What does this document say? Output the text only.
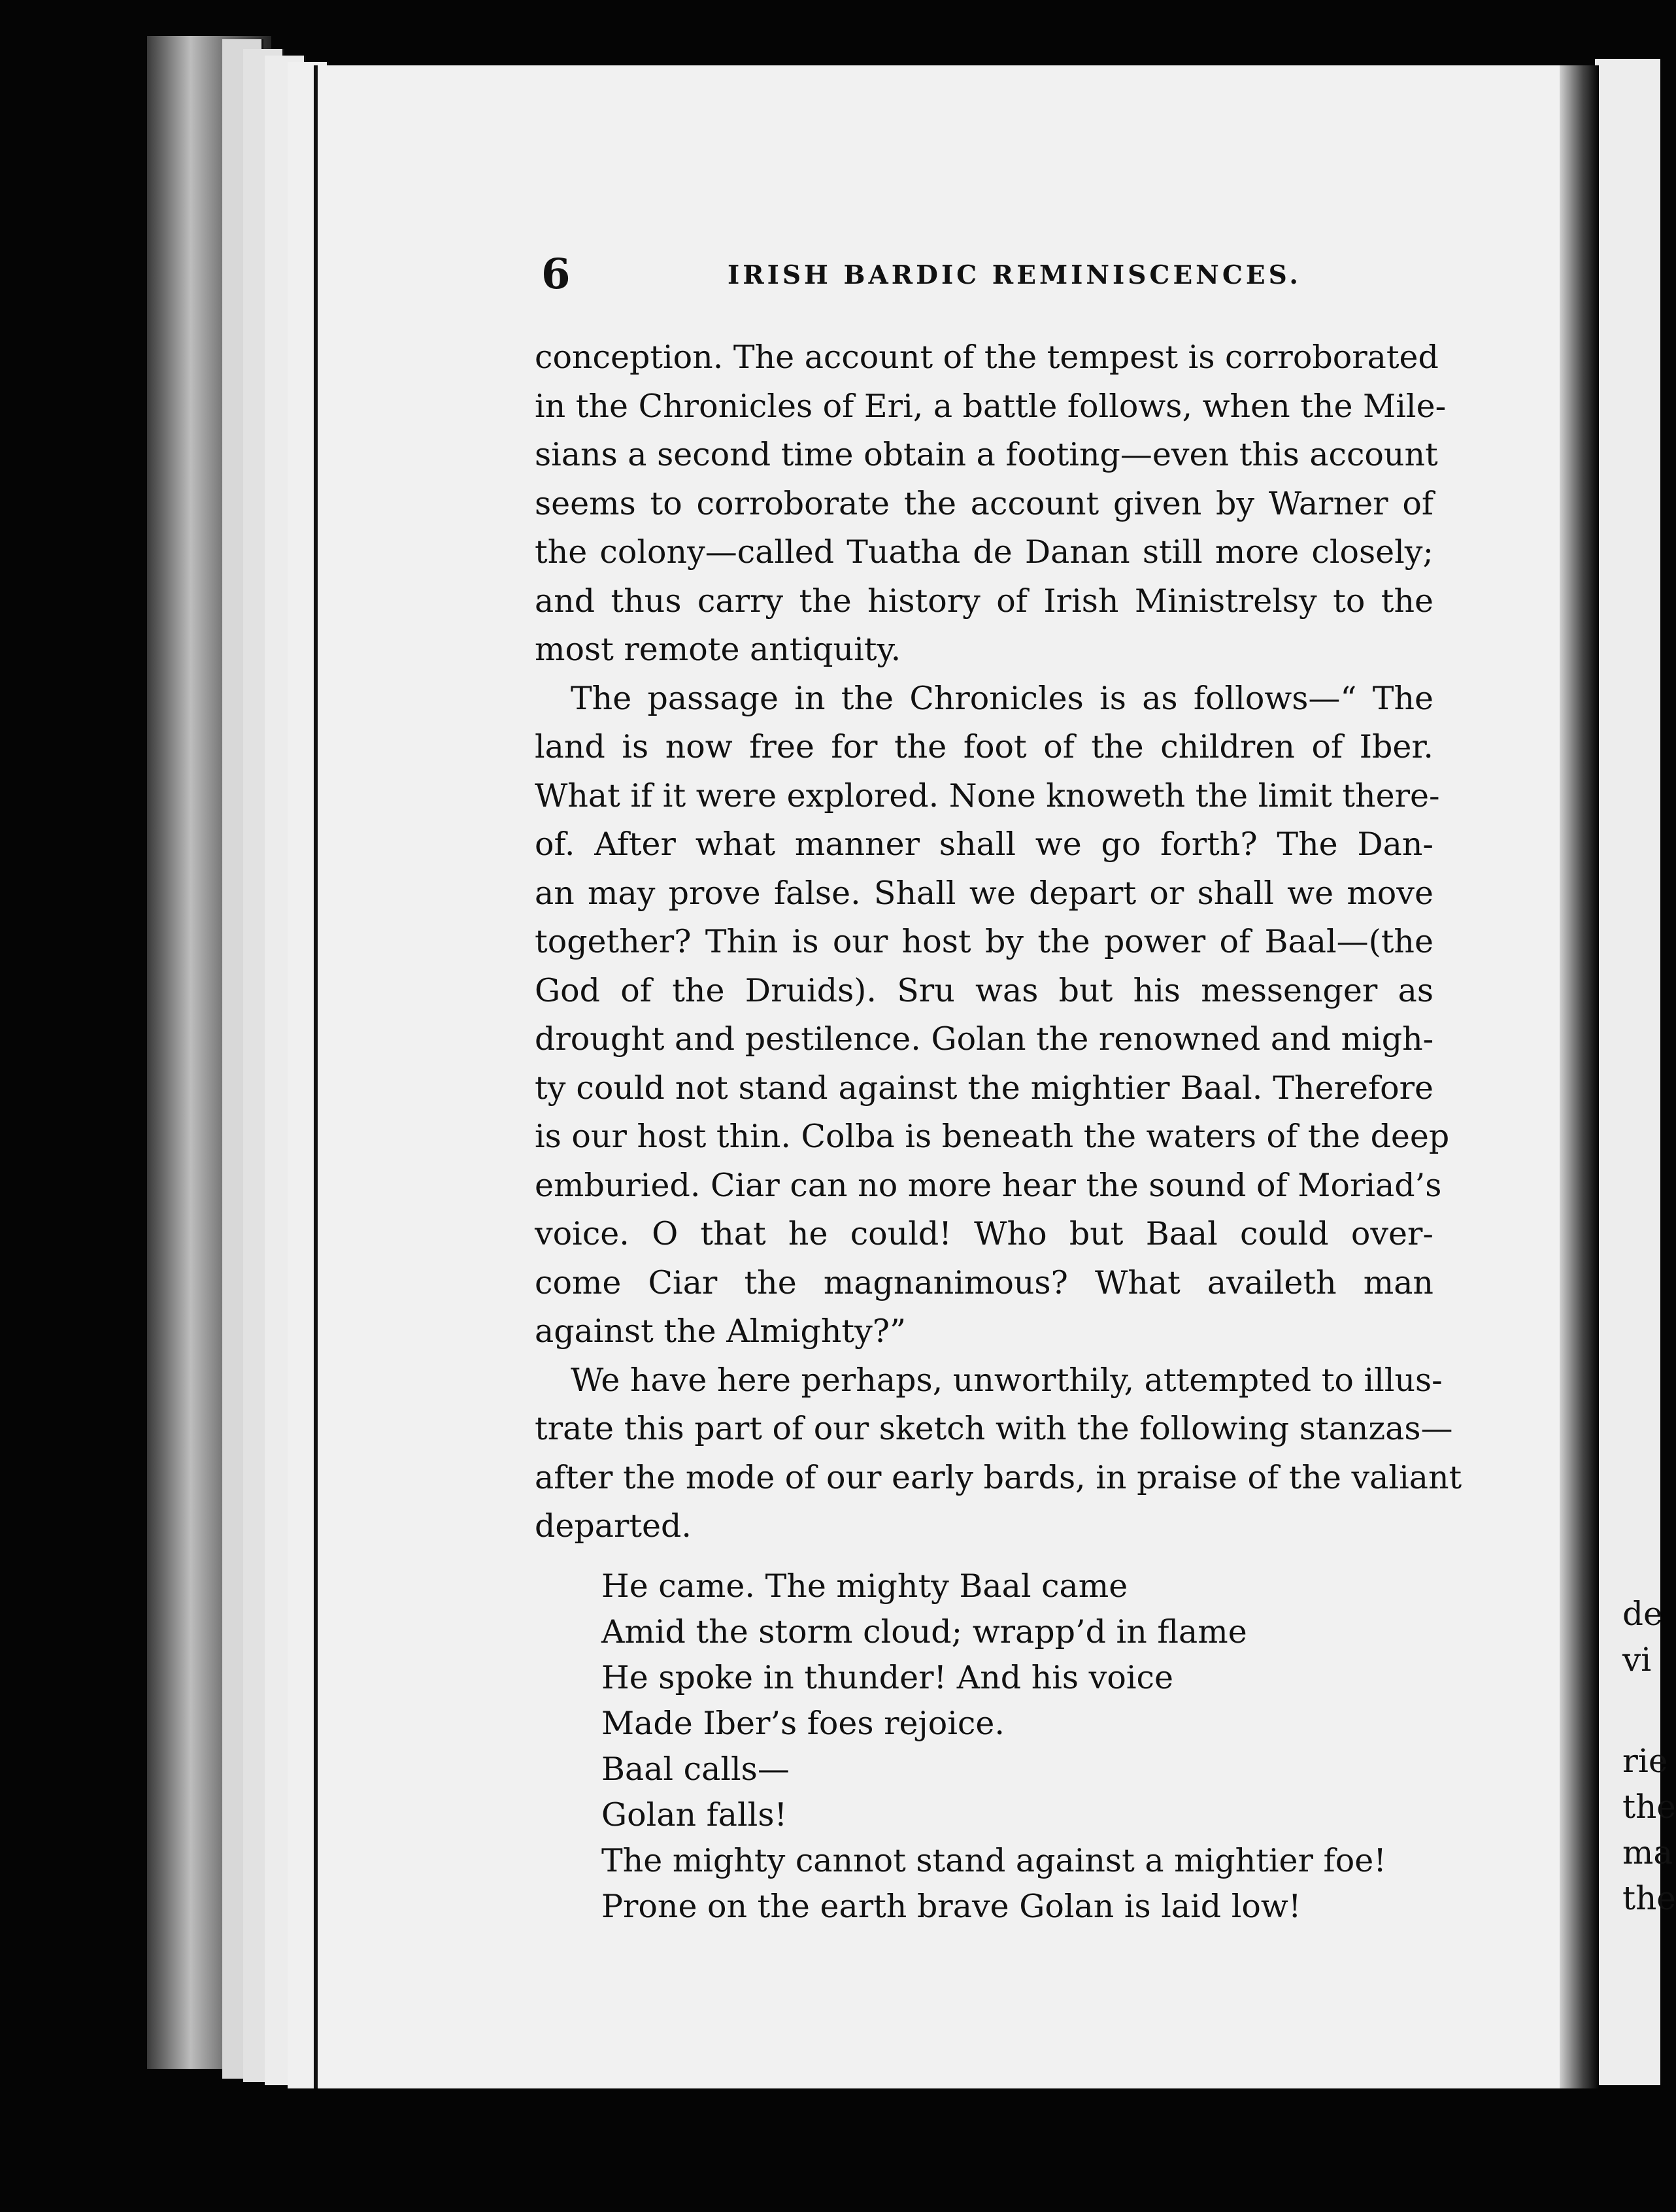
6	IRISH BARDIC REMINISCENCES.
conception. The account of the tempest is corroborated
in the Chronicles of Eri, a battle follows, when the Mile-
sians a second time obtain a footing—even this account
seems to corroborate the account given by Warner of
the colony—called Tuatha de Danan still more closely;
and thus carry the history of Irish Ministrelsy to the
most remote antiquity.
The passage in the Chronicles is as follows—“ The
land is now free for the foot of the children of Iber.
What if it were explored. None knoweth the limit there-
of. After what manner shall we go forth? The Dan-
an may prove false. Shall we depart or shall we move
together? Thin is our host by the power of Baal—(the
God of the Druids). Sru was but his messenger as
drought and pestilence. Golan the renowned and migh-
ty could not stand against the mightier Baal. Therefore
is our host thin. Colba is beneath the waters of the deep
emburied. Ciar can no more hear the sound of Moriad’s
voice. O that he could! Who but Baal could over-
come Ciar the magnanimous? What availeth man
against the Almighty?”
We have here perhaps, unworthily, attempted to illus-
trate this part of our sketch with the following stanzas—
after the mode of our early bards, in praise of the valiant
departed.
He came. The mighty Baal came
Amid the storm cloud; wrapp’d in flame
He spoke in thunder! And his voice
Made Iber’s foes rejoice.
Baal calls—
Golan falls!
The mighty cannot stand against a mightier foe!
Prone on the earth brave Golan is laid low!
de
vi
rie
the
ma
the
